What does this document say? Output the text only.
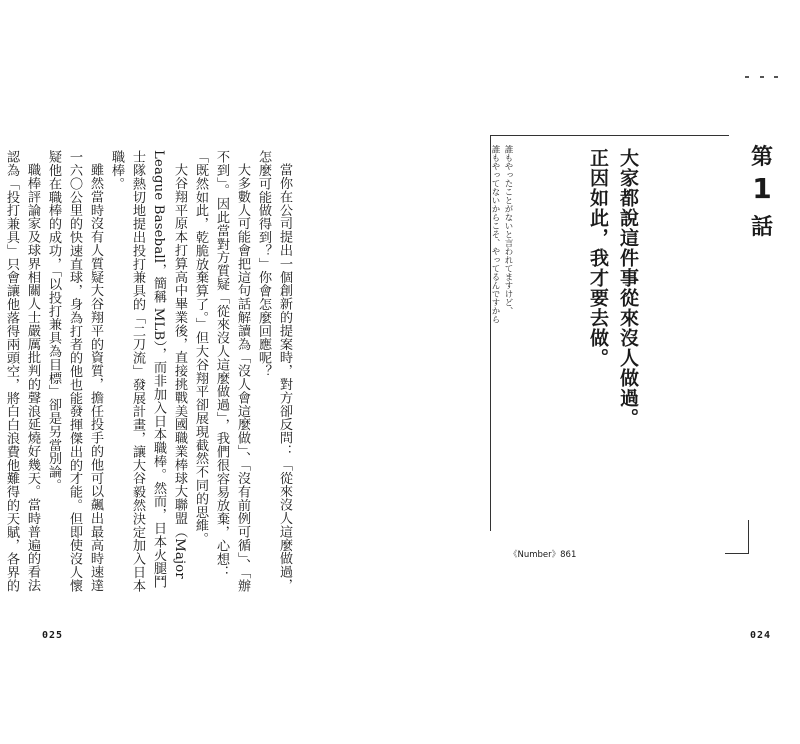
當你在公司提出一個創新的提案時，對方卻反問：「從來沒人這麼做過，怎麼可能做得到？」你會怎麼回應呢？
大多數人可能會把這句話解讀為「沒人會這麼做」、「沒有前例可循」、「辦不到」。因此當對方質疑「從來沒人這麼做過」，我們很容易放棄，心想：「既然如此，乾脆放棄算了。」但大谷翔平卻展現截然不同的思維。
大谷翔平原本打算高中畢業後，直接挑戰美國職業棒球大聯盟（Major League Baseball，簡稱 MLB），而非加入日本職棒。然而，日本火腿鬥士隊熱切地提出投打兼具的「二刀流」發展計畫，讓大谷毅然決定加入日本職棒。
雖然當時沒有人質疑大谷翔平的資質，擔任投手的他可以飆出最高時速達一六〇公里的快速直球，身為打者的他也能發揮傑出的才能。但即使沒人懷疑他在職棒的成功，「以投打兼具為目標」卻是另當別論。
職棒評論家及球界相關人士嚴厲批判的聲浪延燒好幾天。當時普遍的看法認為「投打兼具」只會讓他落得兩頭空，將白白浪費他難得的天賦，各界的
025
誰もやったことがないと言われてますけど、
誰もやってないからこそ、やってるんですから	大家都說這件事從來沒人做過。
正因如此，我才要去做。
《Number》861
第
1
話
024
